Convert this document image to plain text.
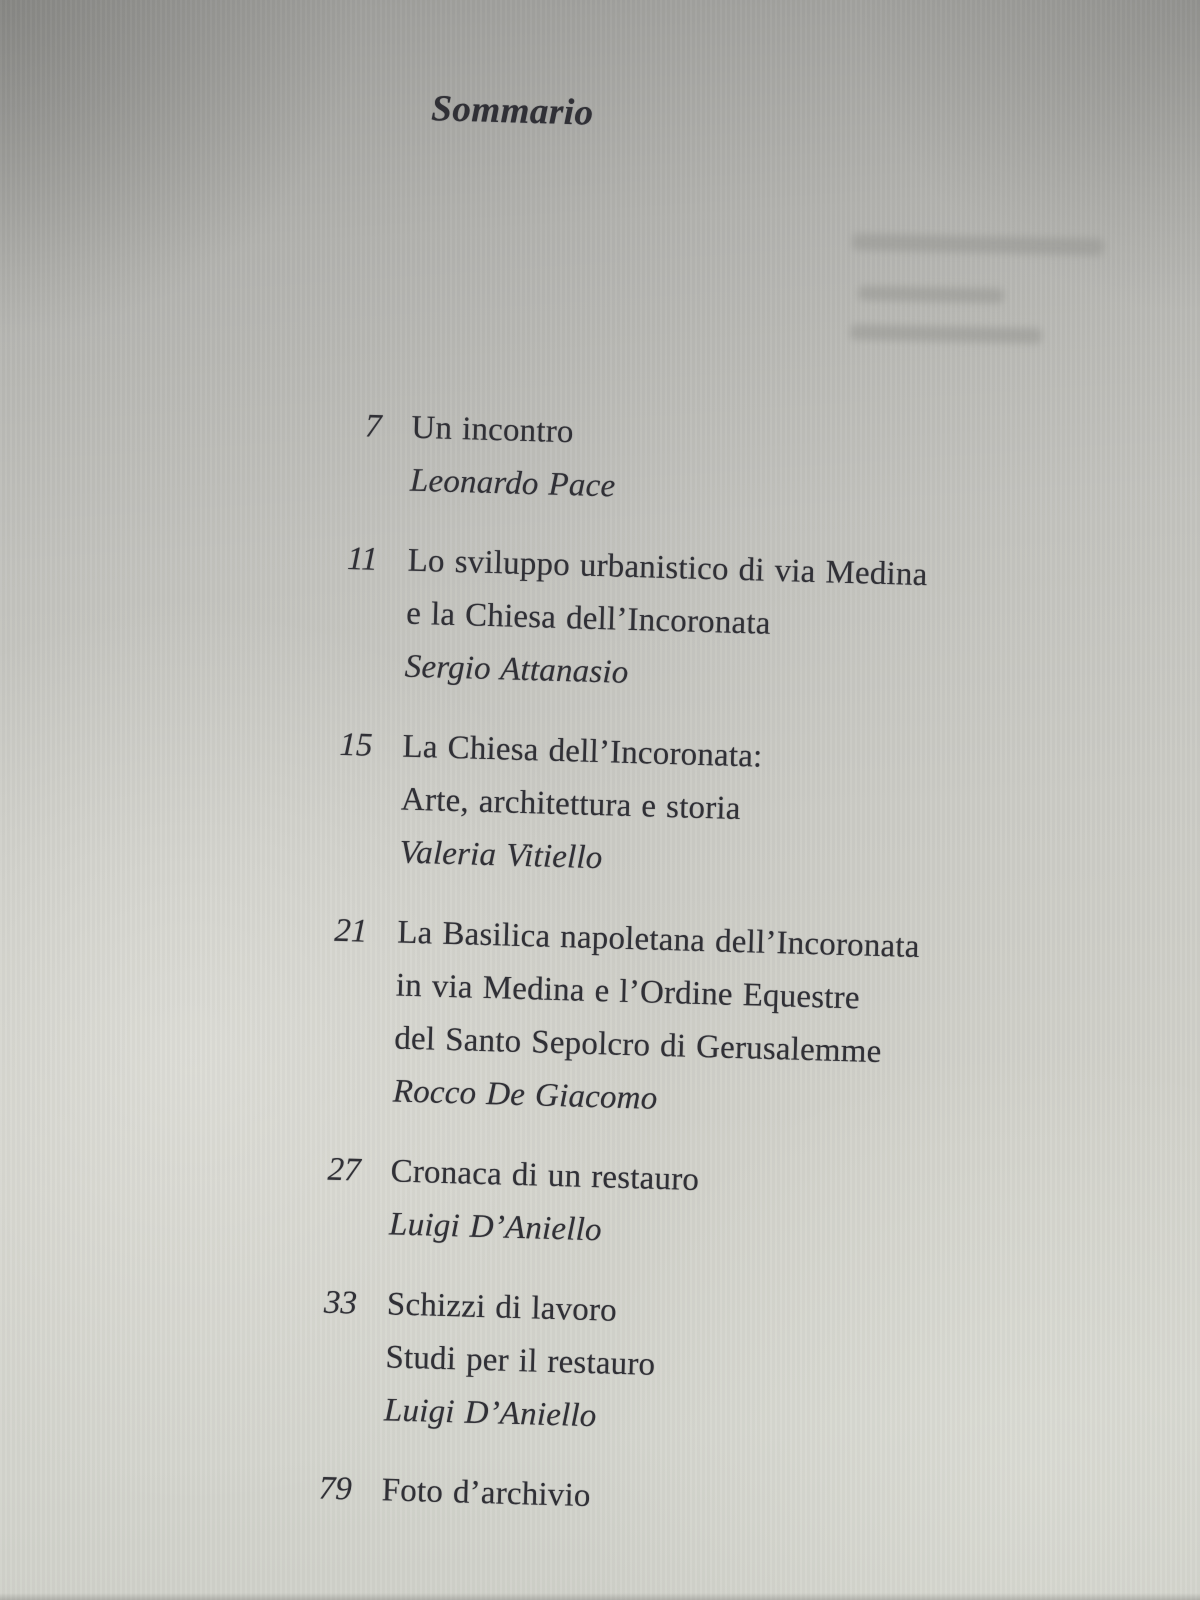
Sommario
7 Un incontro
Leonardo Pace
11 Lo sviluppo urbanistico di via Medina
e la Chiesa dell’Incoronata
Sergio Attanasio
15 La Chiesa dell’Incoronata:
Arte, architettura e storia
Valeria Vitiello
21 La Basilica napoletana dell’Incoronata
in via Medina e l’Ordine Equestre
del Santo Sepolcro di Gerusalemme
Rocco De Giacomo
27 Cronaca di un restauro
Luigi D’Aniello
33 Schizzi di lavoro
Studi per il restauro
Luigi D’Aniello
79 Foto d’archivio
